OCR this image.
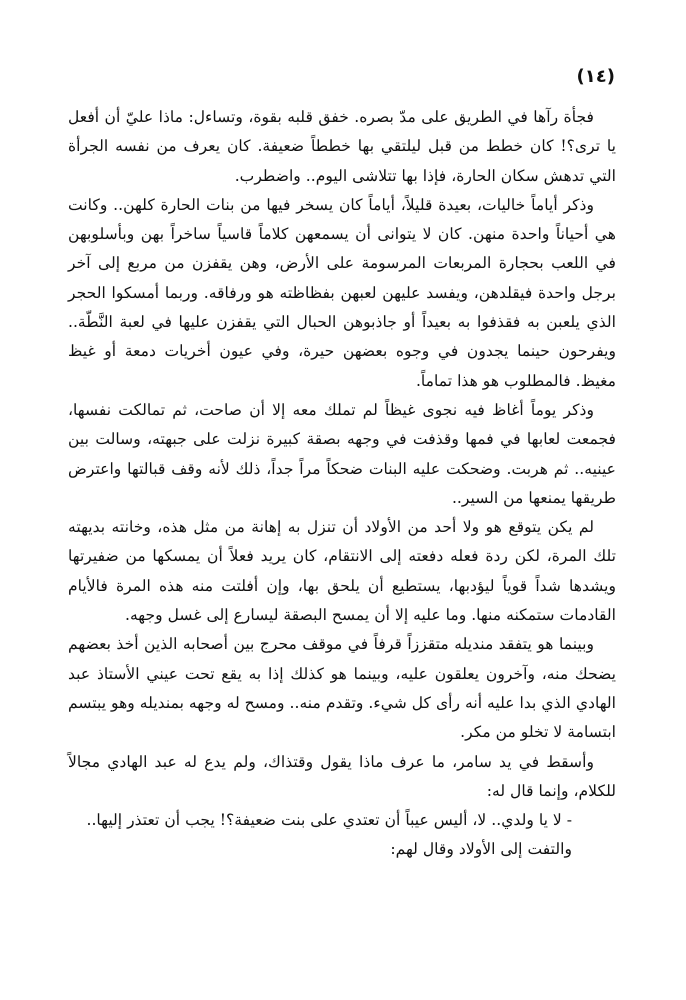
(١٤)

فجأة رآها في الطريق على مدّ بصره. خفق قلبه بقوة، وتساءل: ماذا عليّ أن أفعل يا ترى؟! كان خطط من قبل ليلتقي بها خططاً ضعيفة. كان يعرف من نفسه الجرأة التي تدهش سكان الحارة، فإذا بها تتلاشى اليوم.. واضطرب.

وذكر أياماً خاليات، بعيدة قليلاً، أياماً كان يسخر فيها من بنات الحارة كلهن.. وكانت هي أحياناً واحدة منهن. كان لا يتوانى أن يسمعهن كلاماً قاسياً ساخراً بهن وبأسلوبهن في اللعب بحجارة المربعات المرسومة على الأرض، وهن يقفزن من مربع إلى آخر برجل واحدة فيقلدهن، ويفسد عليهن لعبهن بفظاظته هو ورفاقه. وربما أمسكوا الحجر الذي يلعبن به فقذفوا به بعيداً أو جاذبوهن الحبال التي يقفزن عليها في لعبة النَّطّة.. ويفرحون حينما يجدون في وجوه بعضهن حيرة، وفي عيون أخريات دمعة أو غيظ مغيظ. فالمطلوب هو هذا تماماً.

وذكر يوماً أغاظ فيه نجوى غيظاً لم تملك معه إلا أن صاحت، ثم تمالكت نفسها، فجمعت لعابها في فمها وقذفت في وجهه بصقة كبيرة نزلت على جبهته، وسالت بين عينيه.. ثم هربت. وضحكت عليه البنات ضحكاً مراً جداً، ذلك لأنه وقف قبالتها واعترض طريقها يمنعها من السير..

لم يكن يتوقع هو ولا أحد من الأولاد أن تنزل به إهانة من مثل هذه، وخانته بديهته تلك المرة، لكن ردة فعله دفعته إلى الانتقام، كان يريد فعلاً أن يمسكها من ضفيرتها ويشدها شداً قوياً ليؤدبها، يستطيع أن يلحق بها، وإن أفلتت منه هذه المرة فالأيام القادمات ستمكنه منها. وما عليه إلا أن يمسح البصقة ليسارع إلى غسل وجهه.

وبينما هو يتفقد منديله متقززاً قرفاً في موقف محرج بين أصحابه الذين أخذ بعضهم يضحك منه، وآخرون يعلقون عليه، وبينما هو كذلك إذا به يقع تحت عيني الأستاذ عبد الهادي الذي بدا عليه أنه رأى كل شيء. وتقدم منه.. ومسح له وجهه بمنديله وهو يبتسم ابتسامة لا تخلو من مكر.

وأسقط في يد سامر، ما عرف ماذا يقول وقتذاك، ولم يدع له عبد الهادي مجالاً للكلام، وإنما قال له:

- لا يا ولدي.. لا، أليس عيباً أن تعتدي على بنت ضعيفة؟! يجب أن تعتذر إليها..

والتفت إلى الأولاد وقال لهم:
